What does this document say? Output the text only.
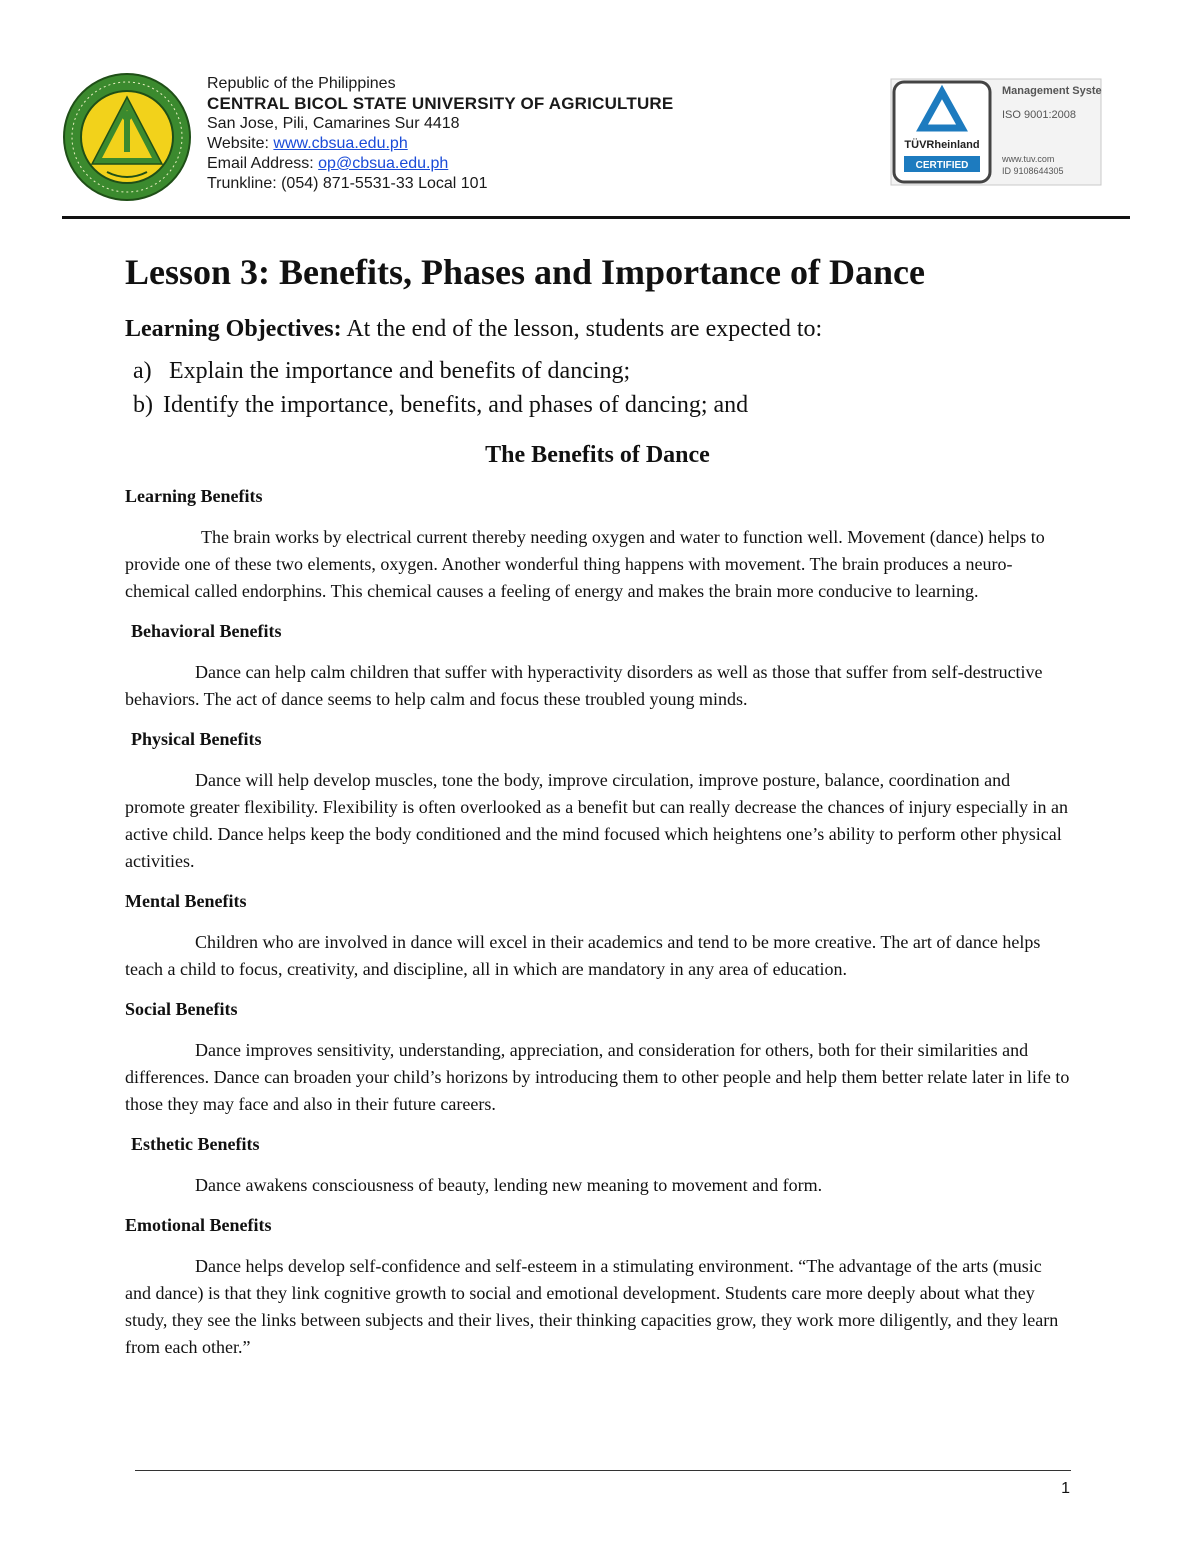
Republic of the Philippines
CENTRAL BICOL STATE UNIVERSITY OF AGRICULTURE
San Jose, Pili, Camarines Sur 4418
Website: www.cbsua.edu.ph
Email Address: op@cbsua.edu.ph
Trunkline: (054) 871-5531-33 Local 101
TÜVRheinland
CERTIFIED
Management System
ISO 9001:2008
www.tuv.com
ID 9108644305
Lesson 3: Benefits, Phases and Importance of Dance
Learning Objectives: At the end of the lesson, students are expected to:
a) Explain the importance and benefits of dancing;
b) Identify the importance, benefits, and phases of dancing; and
The Benefits of Dance
Learning Benefits

The brain works by electrical current thereby needing oxygen and water to function well. Movement (dance) helps to provide one of these two elements, oxygen. Another wonderful thing happens with movement. The brain produces a neuro-chemical called endorphins. This chemical causes a feeling of energy and makes the brain more conducive to learning.

Behavioral Benefits

Dance can help calm children that suffer with hyperactivity disorders as well as those that suffer from self-destructive behaviors. The act of dance seems to help calm and focus these troubled young minds.

Physical Benefits

Dance will help develop muscles, tone the body, improve circulation, improve posture, balance, coordination and promote greater flexibility. Flexibility is often overlooked as a benefit but can really decrease the chances of injury especially in an active child. Dance helps keep the body conditioned and the mind focused which heightens one’s ability to perform other physical activities.

Mental Benefits

Children who are involved in dance will excel in their academics and tend to be more creative. The art of dance helps teach a child to focus, creativity, and discipline, all in which are mandatory in any area of education.

Social Benefits

Dance improves sensitivity, understanding, appreciation, and consideration for others, both for their similarities and differences. Dance can broaden your child’s horizons by introducing them to other people and help them better relate later in life to those they may face and also in their future careers.

Esthetic Benefits

Dance awakens consciousness of beauty, lending new meaning to movement and form.

Emotional Benefits

Dance helps develop self-confidence and self-esteem in a stimulating environment. “The advantage of the arts (music and dance) is that they link cognitive growth to social and emotional development. Students care more deeply about what they study, they see the links between subjects and their lives, their thinking capacities grow, they work more diligently, and they learn from each other.”

1
